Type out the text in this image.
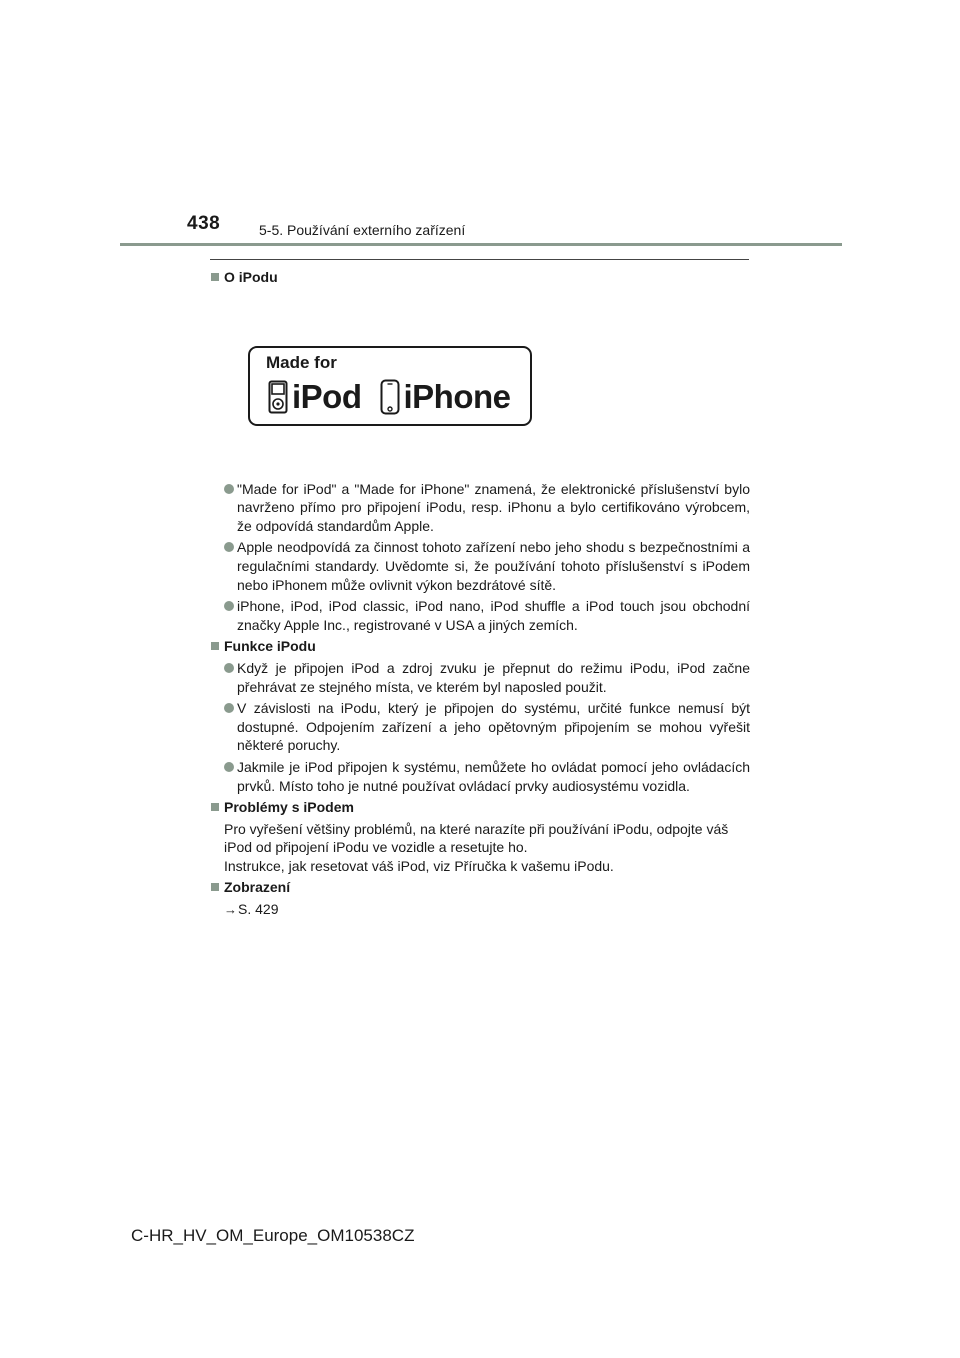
438	5-5. Používání externího zařízení
O iPodu
Made for
iPod iPhone
"Made for iPod" a "Made for iPhone" znamená, že elektronické příslušenství bylo navrženo přímo pro připojení iPodu, resp. iPhonu a bylo certifikováno výrobcem, že odpovídá standardům Apple.
Apple neodpovídá za činnost tohoto zařízení nebo jeho shodu s bezpečnostními a regulačními standardy. Uvědomte si, že používání tohoto příslušenství s iPodem nebo iPhonem může ovlivnit výkon bezdrátové sítě.
iPhone, iPod, iPod classic, iPod nano, iPod shuffle a iPod touch jsou obchodní značky Apple Inc., registrované v USA a jiných zemích.
Funkce iPodu
Když je připojen iPod a zdroj zvuku je přepnut do režimu iPodu, iPod začne přehrávat ze stejného místa, ve kterém byl naposled použit.
V závislosti na iPodu, který je připojen do systému, určité funkce nemusí být dostupné. Odpojením zařízení a jeho opětovným připojením se mohou vyřešit některé poruchy.
Jakmile je iPod připojen k systému, nemůžete ho ovládat pomocí jeho ovládacích prvků. Místo toho je nutné používat ovládací prvky audiosystému vozidla.
Problémy s iPodem
Pro vyřešení většiny problémů, na které narazíte při používání iPodu, odpojte váš iPod od připojení iPodu ve vozidle a resetujte ho.
Instrukce, jak resetovat váš iPod, viz Příručka k vašemu iPodu.
Zobrazení
→S. 429
C-HR_HV_OM_Europe_OM10538CZ
